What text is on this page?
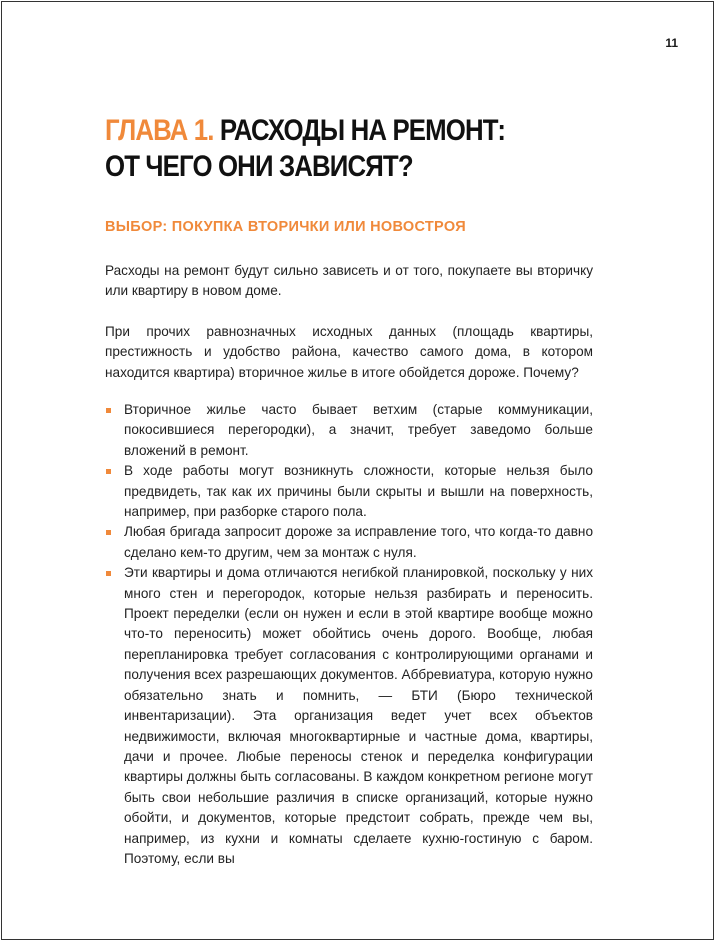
11
ГЛАВА 1. РАСХОДЫ НА РЕМОНТ:
ОТ ЧЕГО ОНИ ЗАВИСЯТ?
ВЫБОР: ПОКУПКА ВТОРИЧКИ ИЛИ НОВОСТРОЯ

Расходы на ремонт будут сильно зависеть и от того, покупаете вы вторичку или квартиру в новом доме.

При прочих равнозначных исходных данных (площадь квартиры, престижность и удобство района, качество самого дома, в котором находится квартира) вторичное жилье в итоге обойдется дороже. Почему?

Вторичное жилье часто бывает ветхим (старые коммуникации, покосившиеся перегородки), а значит, требует заведомо больше вложений в ремонт.
В ходе работы могут возникнуть сложности, которые нельзя было предвидеть, так как их причины были скрыты и вышли на поверхность, например, при разборке старого пола.
Любая бригада запросит дороже за исправление того, что когда-то давно сделано кем-то другим, чем за монтаж с нуля.
Эти квартиры и дома отличаются негибкой планировкой, поскольку у них много стен и перегородок, которые нельзя разбирать и переносить. Проект переделки (если он нужен и если в этой квартире вообще можно что-то переносить) может обойтись очень дорого. Вообще, любая перепланировка требует согласования с контролирующими органами и получения всех разрешающих документов. Аббревиатура, которую нужно обязательно знать и помнить, — БТИ (Бюро технической инвентаризации). Эта организация ведет учет всех объектов недвижимости, включая многоквартирные и частные дома, квартиры, дачи и прочее. Любые переносы стенок и переделка конфигурации квартиры должны быть согласованы. В каждом конкретном регионе могут быть свои небольшие различия в списке организаций, которые нужно обойти, и документов, которые предстоит собрать, прежде чем вы, например, из кухни и комнаты сделаете кухню-гостиную с баром. Поэтому, если вы
